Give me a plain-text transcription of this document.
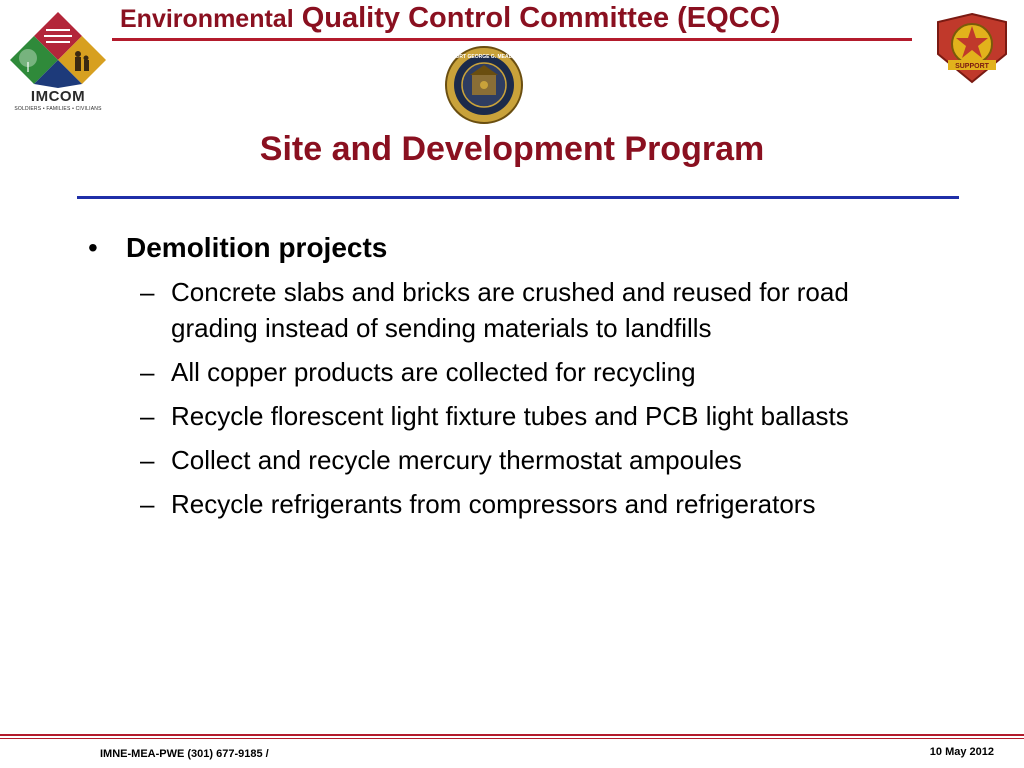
IMCOM
SOLDIERS • FAMILIES • CIVILIANS
Environmental Quality Control Committee (EQCC)
SUPPORT
FORT GEORGE G. MEADE
Site and Development Program
• Demolition projects
– Concrete slabs and bricks are crushed and reused for road grading instead of sending materials to landfills
– All copper products are collected for recycling
– Recycle florescent light fixture tubes and PCB light ballasts
– Collect and recycle mercury thermostat ampoules
– Recycle refrigerants from compressors and refrigerators
IMNE-MEA-PWE (301) 677-9185 /	10 May 2012
